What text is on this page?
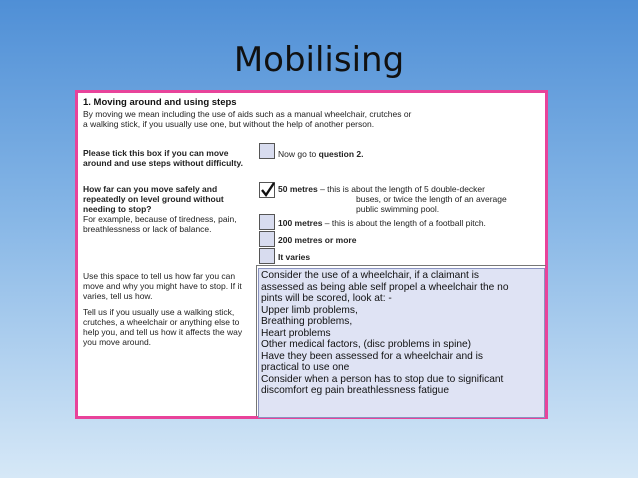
Mobilising
1. Moving around and using steps
By moving we mean including the use of aids such as a manual wheelchair, crutches or a walking stick, if you usually use one, but without the help of another person.
Please tick this box if you can move around and use steps without difficulty.
Now go to question 2.
How far can you move safely and repeatedly on level ground without needing to stop?
For example, because of tiredness, pain, breathlessness or lack of balance.
50 metres – this is about the length of 5 double-decker
buses, or twice the length of an average
public swimming pool.
100 metres – this is about the length of a football pitch.
200 metres or more
It varies
Use this space to tell us how far you can move and why you might have to stop. If it varies, tell us how.
Tell us if you usually use a walking stick, crutches, a wheelchair or anything else to help you, and tell us how it affects the way you move around.
Consider the use of a wheelchair, if a claimant is
assessed as being able self propel a wheelchair the no
pints will be scored, look at: -
Upper limb problems,
Breathing problems,
Heart problems
Other medical factors, (disc problems in spine)
Have they been assessed for a wheelchair and is
practical to use one
Consider when a person has to stop due to significant
discomfort eg pain breathlessness fatigue
